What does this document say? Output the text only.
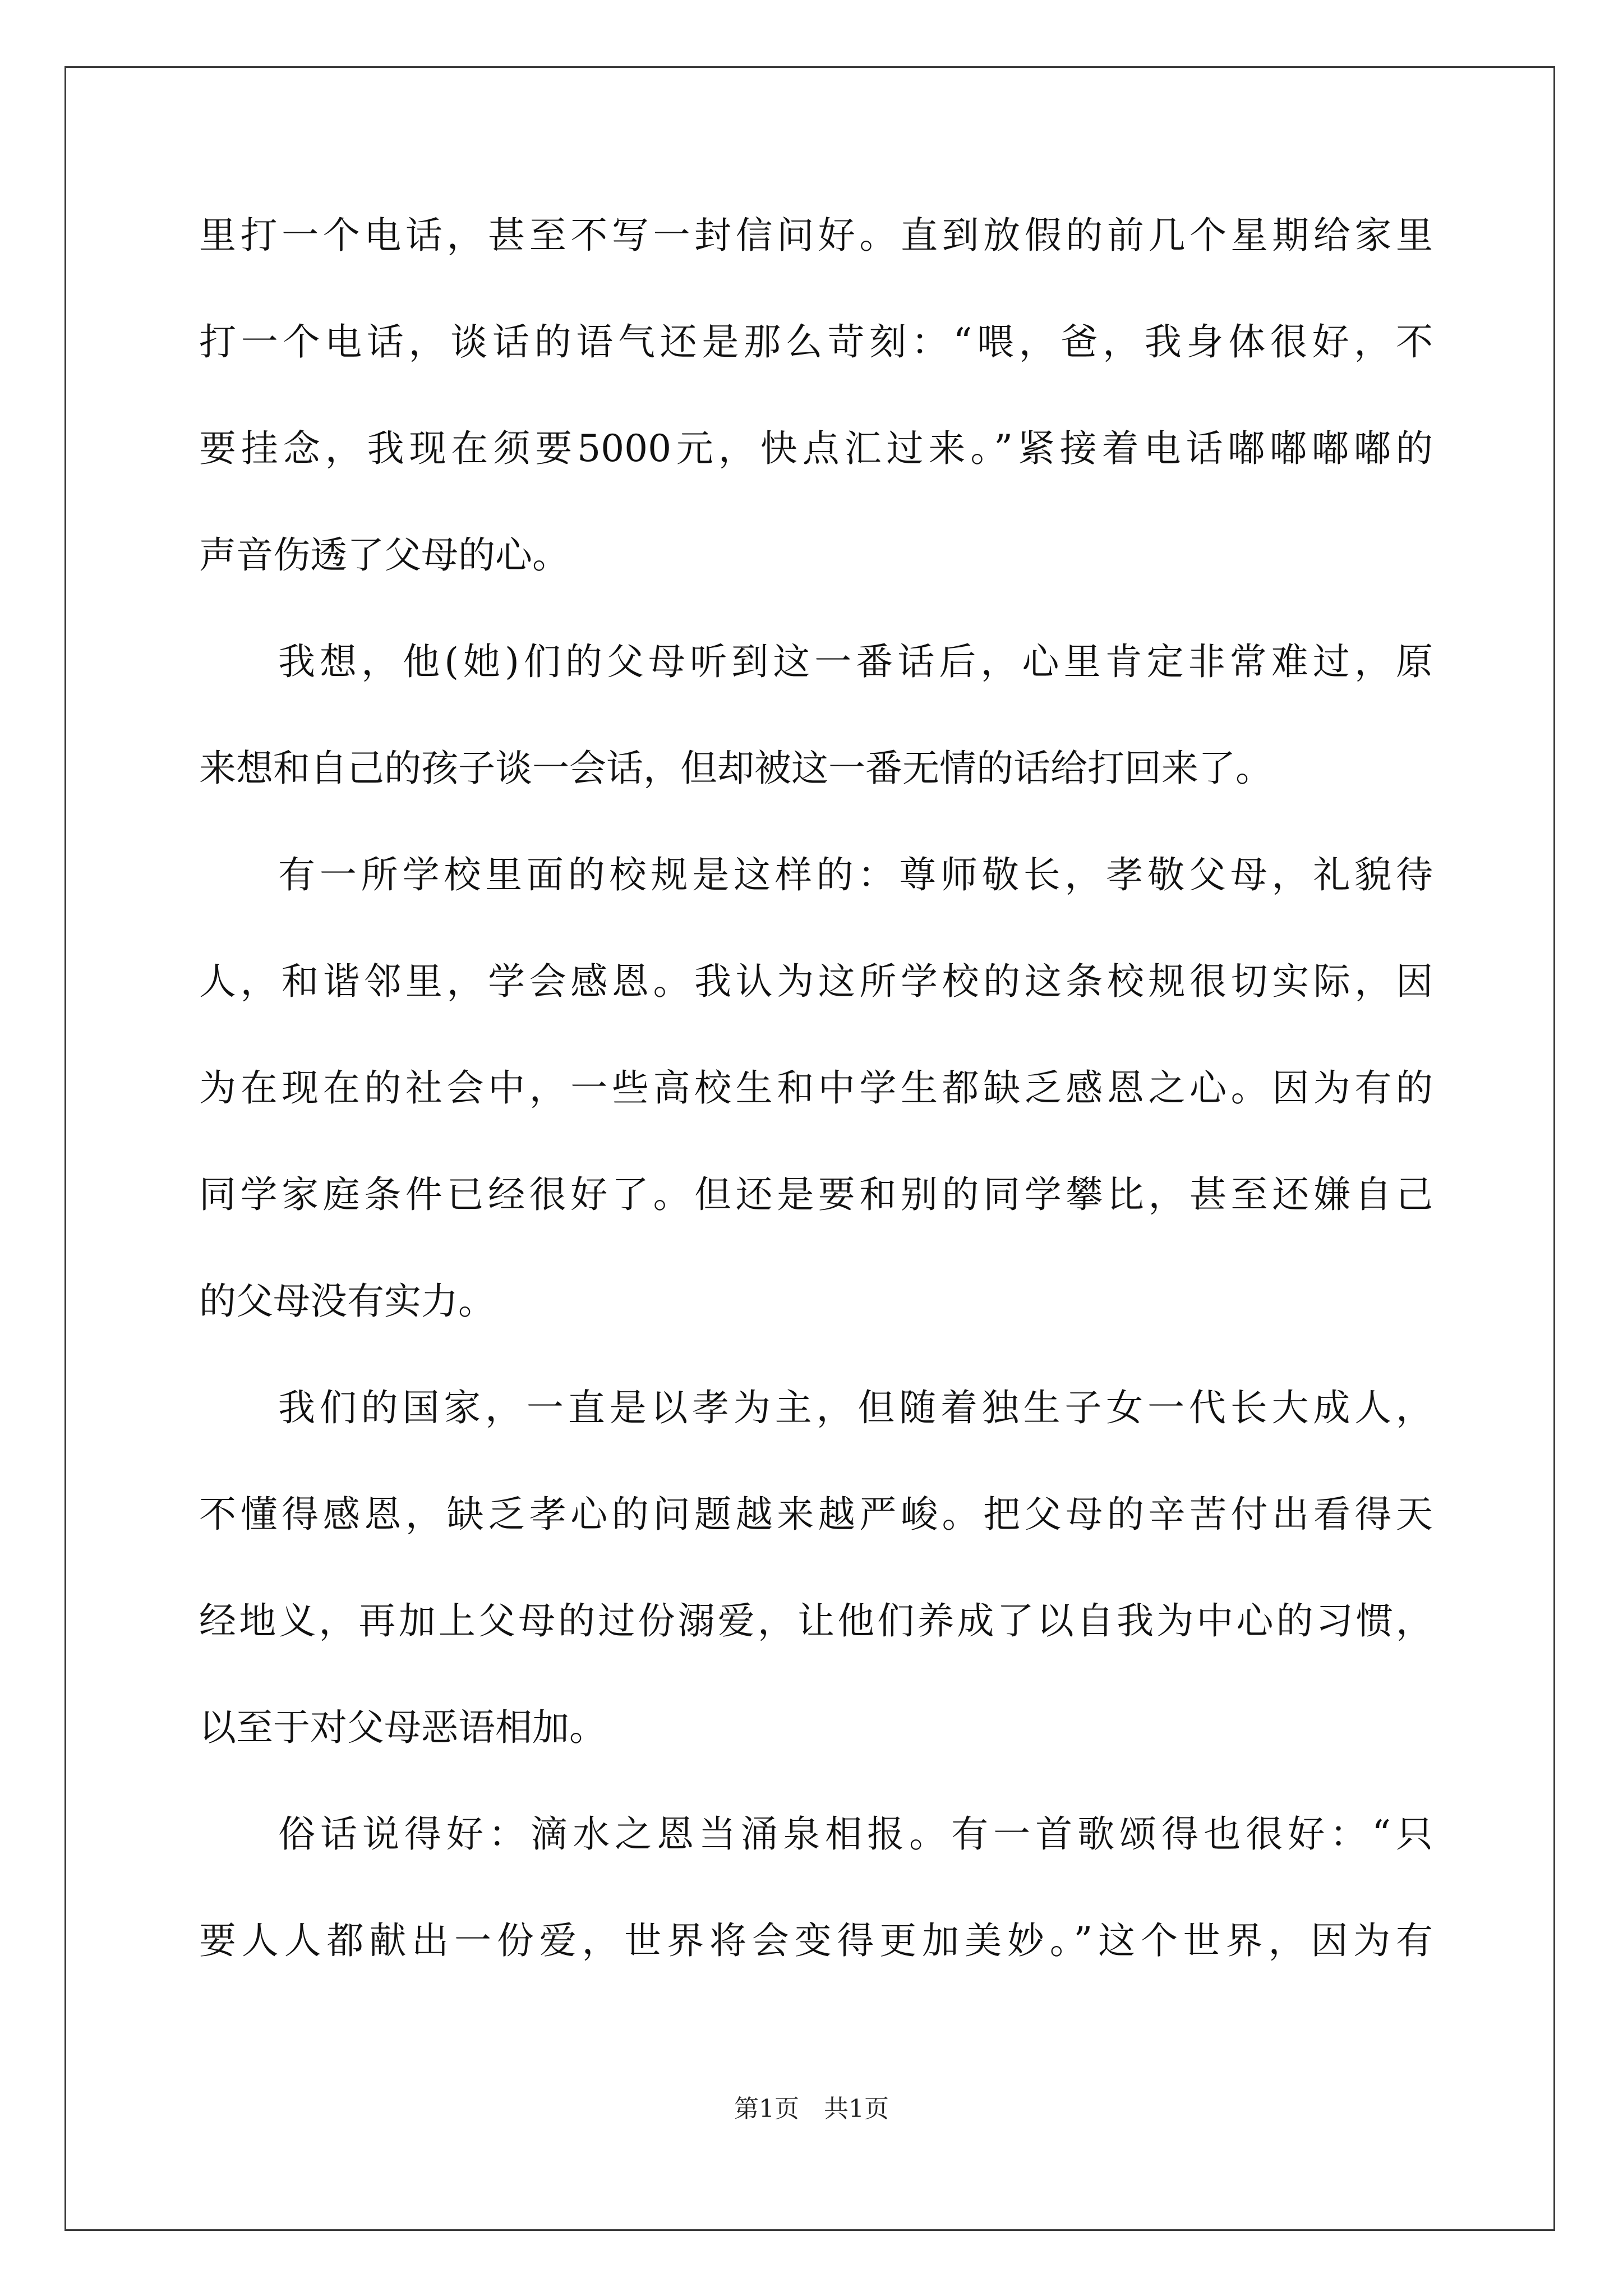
里打一个电话，甚至不写一封信问好。直到放假的前几个星期给家里
打一个电话，谈话的语气还是那么苛刻：“喂，爸，我身体很好，不
要挂念，我现在须要5000元，快点汇过来。”紧接着电话嘟嘟嘟嘟的
声音伤透了父母的心。
我想，他(她)们的父母听到这一番话后，心里肯定非常难过，原
来想和自己的孩子谈一会话，但却被这一番无情的话给打回来了。
有一所学校里面的校规是这样的：尊师敬长，孝敬父母，礼貌待
人，和谐邻里，学会感恩。我认为这所学校的这条校规很切实际，因
为在现在的社会中，一些高校生和中学生都缺乏感恩之心。因为有的
同学家庭条件已经很好了。但还是要和别的同学攀比，甚至还嫌自己
的父母没有实力。
我们的国家，一直是以孝为主，但随着独生子女一代长大成人，
不懂得感恩，缺乏孝心的问题越来越严峻。把父母的辛苦付出看得天
经地义，再加上父母的过份溺爱，让他们养成了以自我为中心的习惯，
以至于对父母恶语相加。
俗话说得好：滴水之恩当涌泉相报。有一首歌颂得也很好：“只
要人人都献出一份爱，世界将会变得更加美妙。”这个世界，因为有
第1页　共1页
